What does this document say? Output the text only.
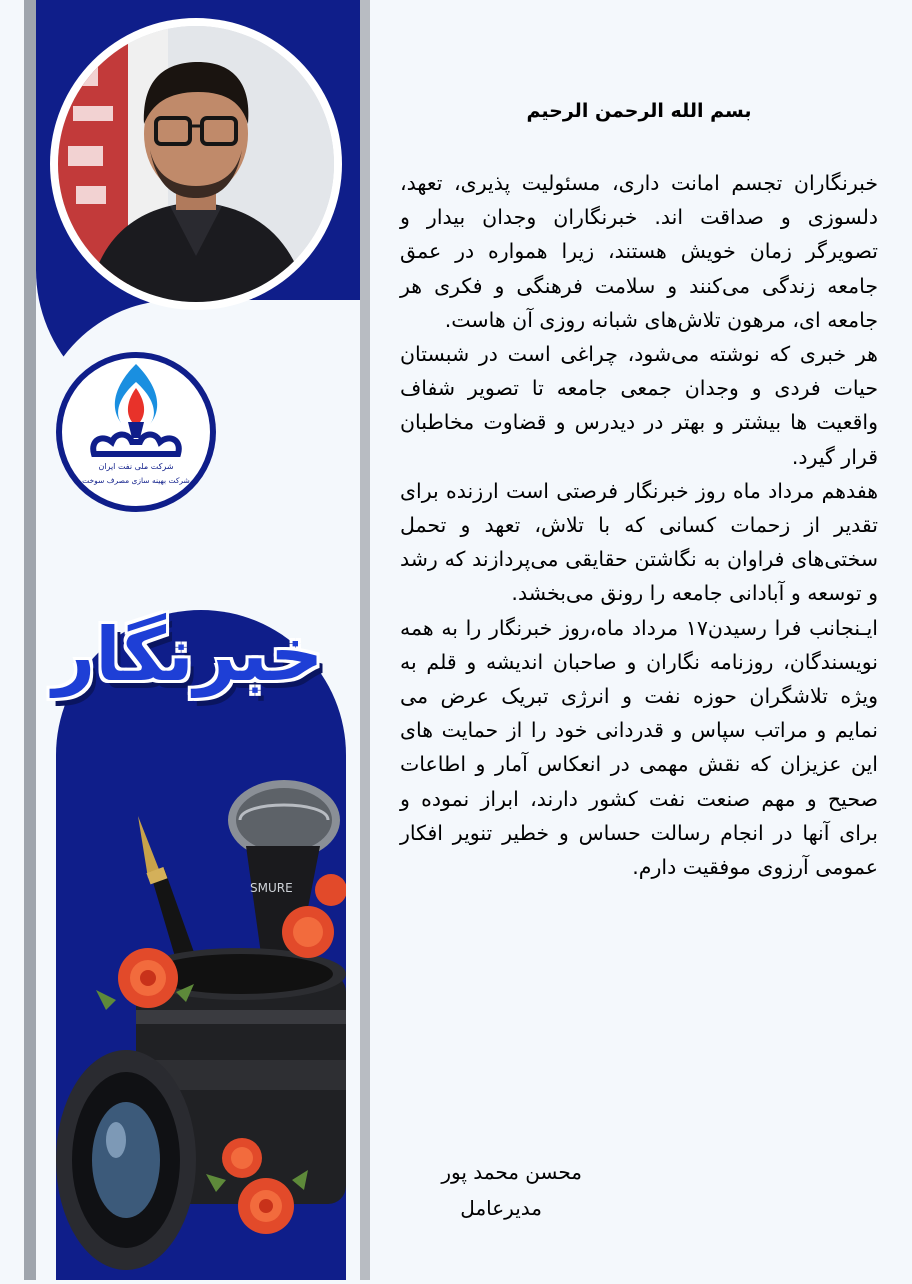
شرکت ملی نفت ایران
شرکت بهینه سازی مصرف سوخت
خبرنگار
SMURE
بسم الله الرحمن الرحیم

خبرنگاران تجسم امانت داری، مسئولیت پذیری، تعهد، دلسوزی و صداقت اند. خبرنگاران وجدان بیدار و تصویرگر زمان خویش هستند، زیرا همواره در عمق جامعه زندگی می‌کنند و سلامت فرهنگی و فکری هر جامعه ای، مرهون تلاش‌های شبانه روزی آن هاست.

هر خبری که نوشته می‌شود، چراغی است در شبستان حیات فردی و وجدان جمعی جامعه تا تصویر شفاف واقعیت ها بیشتر و بهتر در دیدرس و قضاوت مخاطبان قرار گیرد.

هفدهم مرداد ماه روز خبرنگار فرصتی است ارزنده برای تقدیر از زحمات کسانی که با تلاش، تعهد و تحمل سختی‌های فراوان به نگاشتن حقایقی می‌پردازند که رشد و توسعه و آبادانی جامعه را رونق می‌بخشد.

ایـنجانب فرا رسیدن۱۷ مرداد ماه،روز خبرنگار را به همه نویسندگان، روزنامه نگاران و صاحبان اندیشه و قلم به ویژه تلاشگران حوزه نفت و انرژی تبریک عرض می نمایم و مراتب سپاس و قدردانی خود را از حمایت های این عزیزان که نقش مهمی در انعکاس آمار و اطاعات صحیح و مهم صنعت نفت کشور دارند، ابراز نموده و برای آنها در انجام رسالت حساس و خطیر تنویر افکار عمومی آرزوی موفقیت دارم.

محسن محمد پور
مدیرعامل
